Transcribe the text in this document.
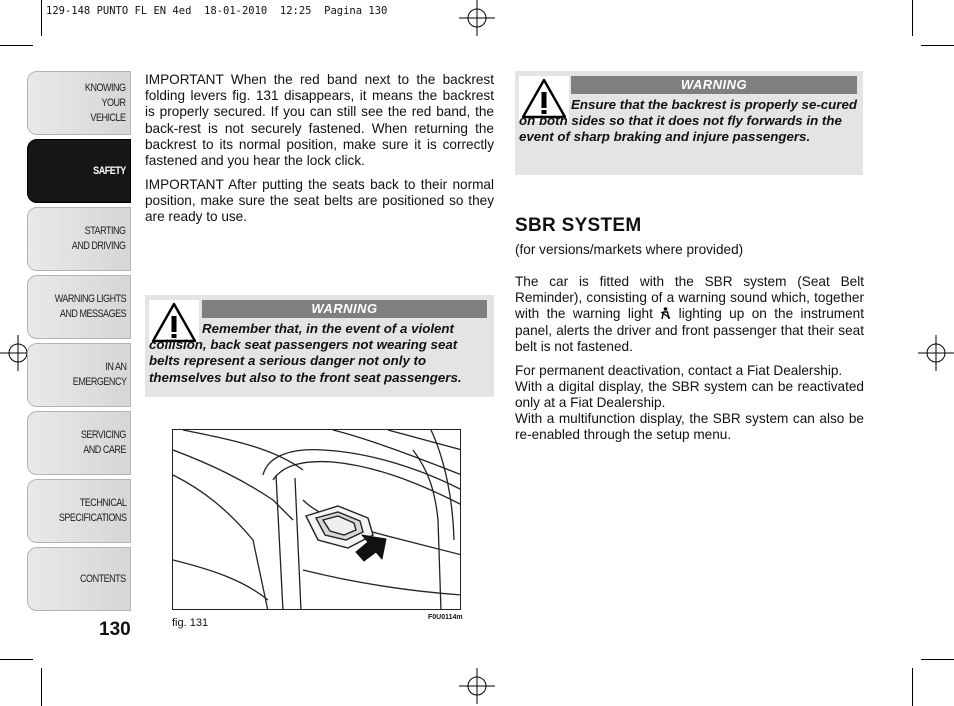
129-148 PUNTO FL EN 4ed  18-01-2010  12:25  Pagina 130
KNOWING
YOUR
VEHICLE
SAFETY
STARTING
AND DRIVING
WARNING LIGHTS
AND MESSAGES
IN AN
EMERGENCY
SERVICING
AND CARE
TECHNICAL
SPECIFICATIONS
CONTENTS
130
IMPORTANT When the red band next to the backrest folding levers fig. 131 disappears, it means the backrest is properly secured. If you can still see the red band, the back-rest is not securely fastened. When returning the backrest to its normal position, make sure it is correctly fastened and you hear the lock click.
IMPORTANT After putting the seats back to their normal position, make sure the seat belts are positioned so they are ready to use.
WARNING
Remember that, in the event of a violent collision, back seat passengers not wearing seat belts represent a serious danger not only to themselves but also to the front seat passengers.
fig. 131	F0U0114m
WARNING
Ensure that the backrest is properly se-cured on both sides so that it does not fly forwards in the event of sharp braking and injure passengers.
SBR SYSTEM
(for versions/markets where provided)
The car is fitted with the SBR system (Seat Belt Reminder), consisting of a warning sound which, together with the warning light  lighting up on the instrument panel, alerts the driver and front passenger that their seat belt is not fastened.
For permanent deactivation, contact a Fiat Dealership.
With a digital display, the SBR system can be reactivated only at a Fiat Dealership.
With a multifunction display, the SBR system can also be re-enabled through the setup menu.
